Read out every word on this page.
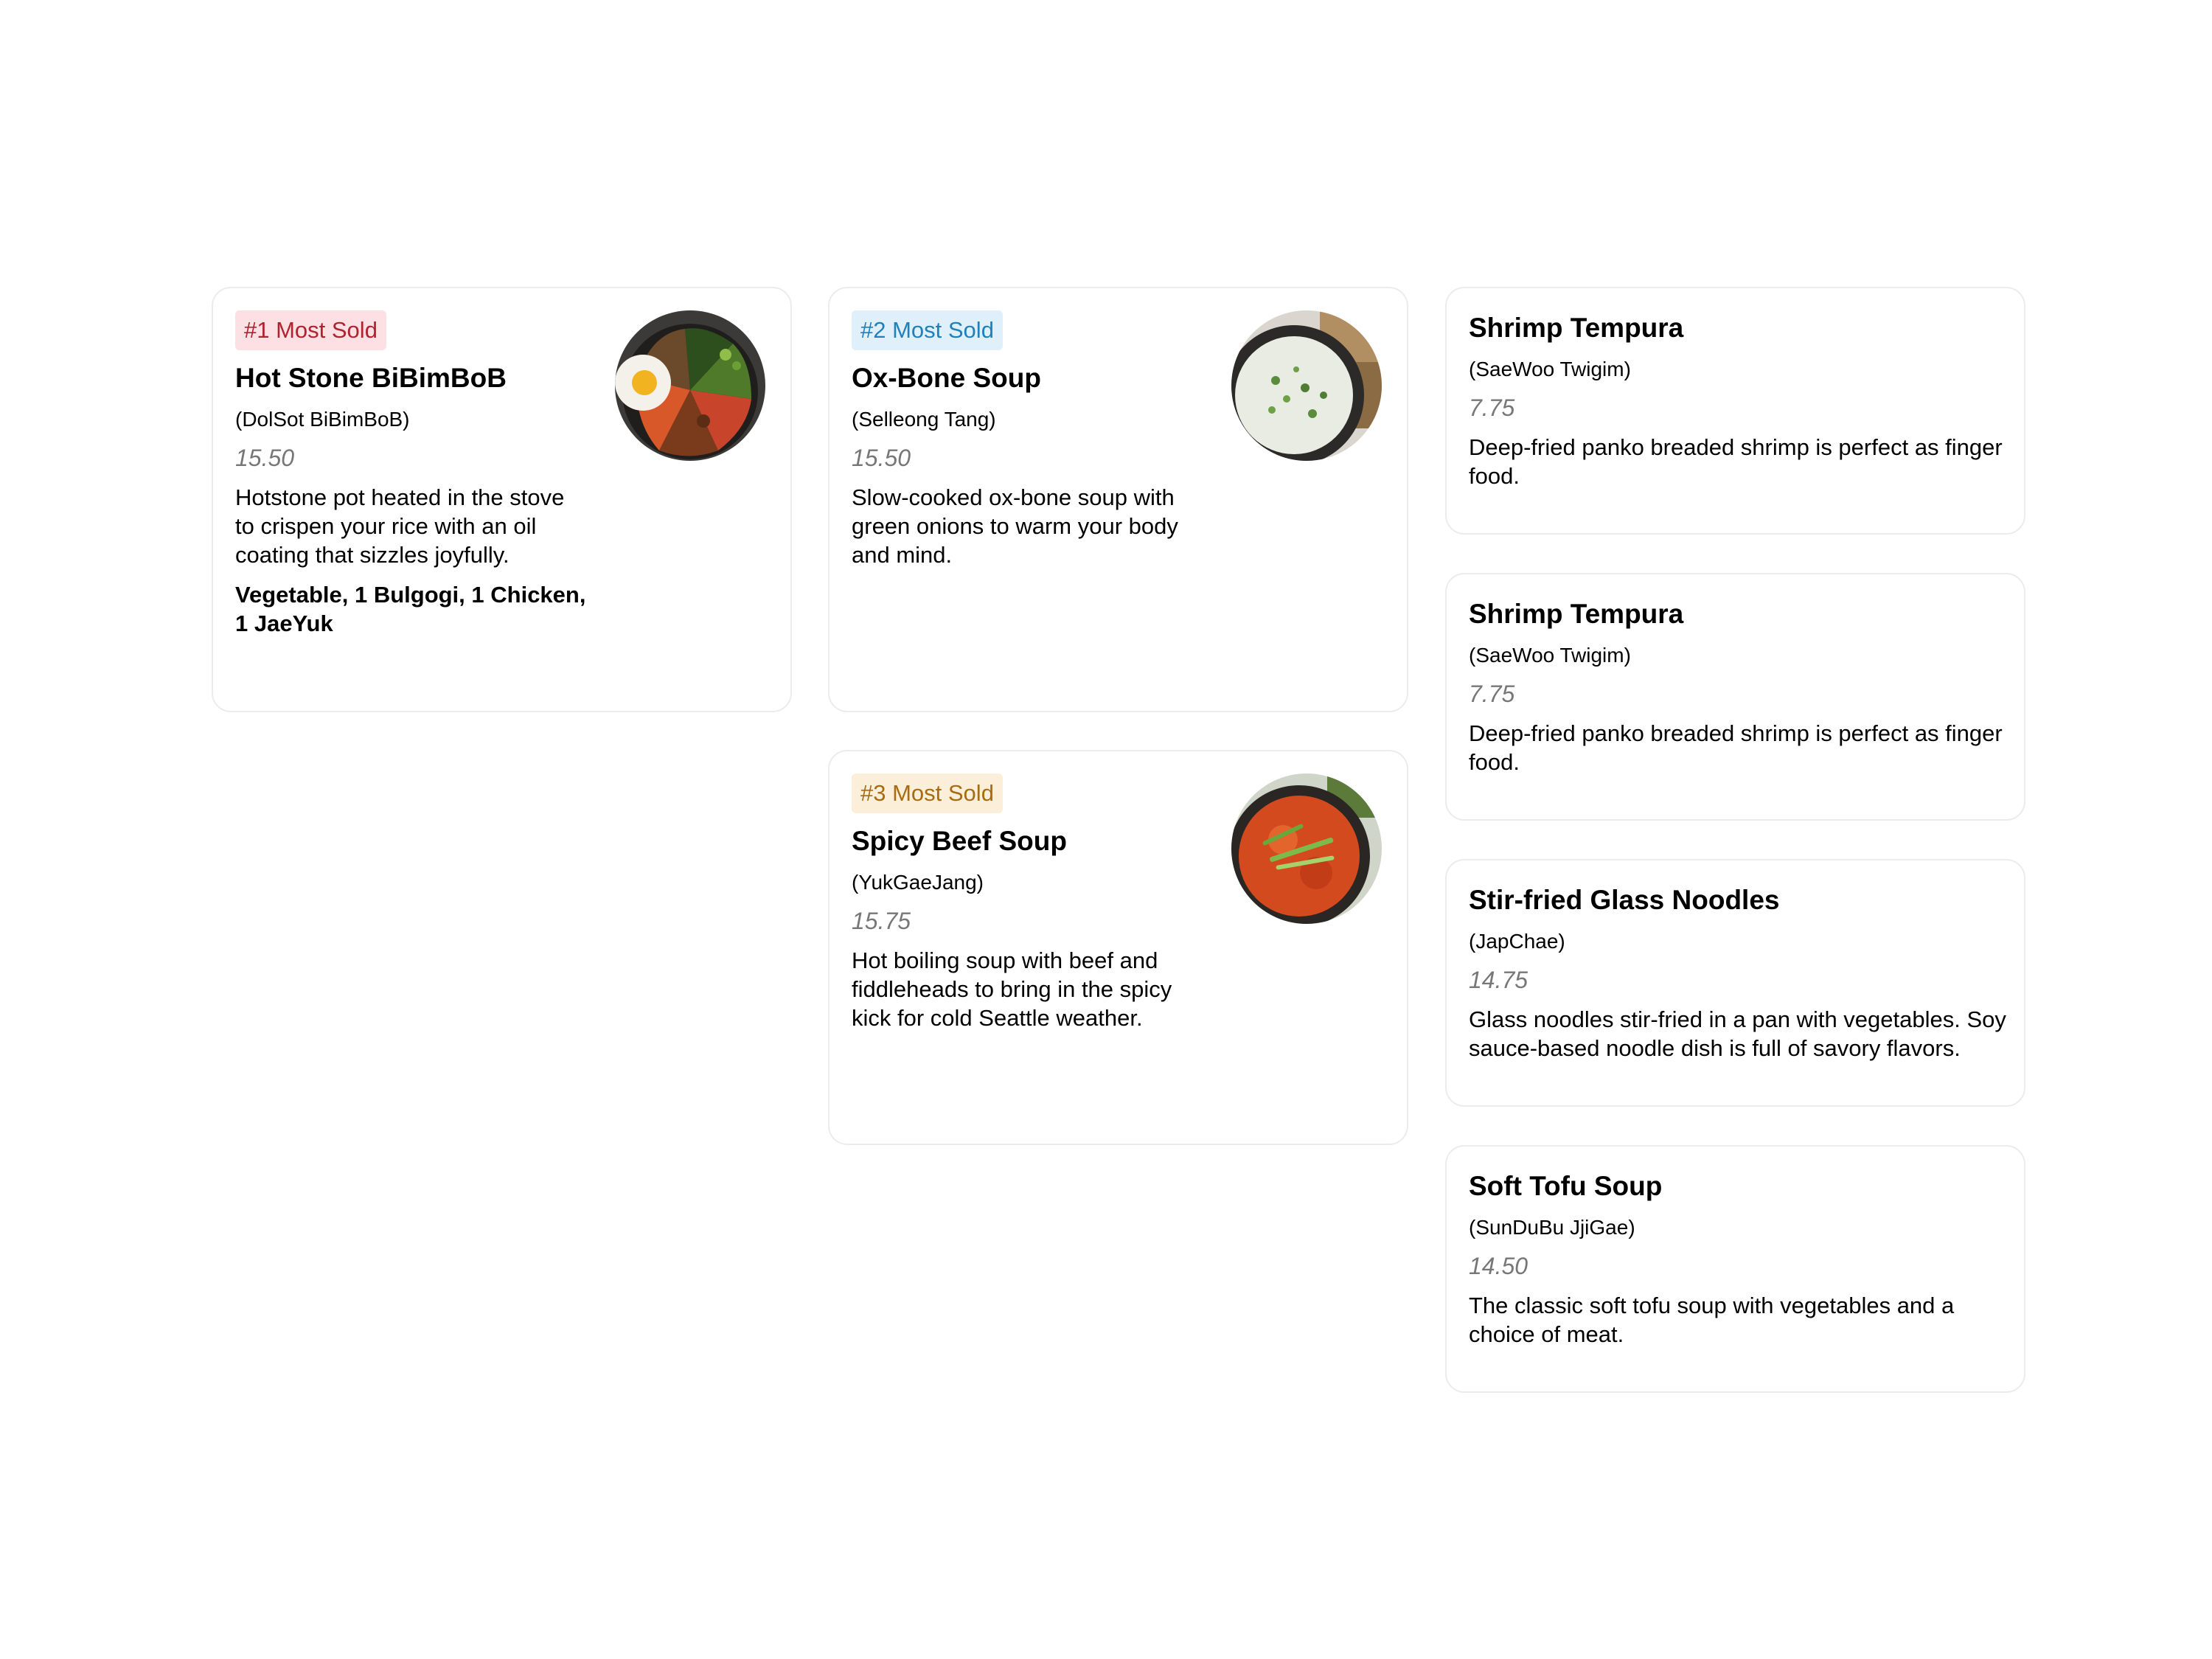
#1 Most Sold
Hot Stone BiBimBoB
(DolSot BiBimBoB)
15.50
Hotstone pot heated in the stove to crispen your rice with an oil coating that sizzles joyfully.
Vegetable, 1 Bulgogi, 1 Chicken, 1 JaeYuk
#2 Most Sold
Ox-Bone Soup
(Selleong Tang)
15.50
Slow-cooked ox-bone soup with green onions to warm your body and mind.
#3 Most Sold
Spicy Beef Soup
(YukGaeJang)
15.75
Hot boiling soup with beef and fiddleheads to bring in the spicy kick for cold Seattle weather.
Shrimp Tempura
(SaeWoo Twigim)
7.75
Deep-fried panko breaded shrimp is perfect as finger food.
Shrimp Tempura
(SaeWoo Twigim)
7.75
Deep-fried panko breaded shrimp is perfect as finger food.
Stir-fried Glass Noodles
(JapChae)
14.75
Glass noodles stir-fried in a pan with vegetables. Soy sauce-based noodle dish is full of savory flavors.
Soft Tofu Soup
(SunDuBu JjiGae)
14.50
The classic soft tofu soup with vegetables and a choice of meat.
